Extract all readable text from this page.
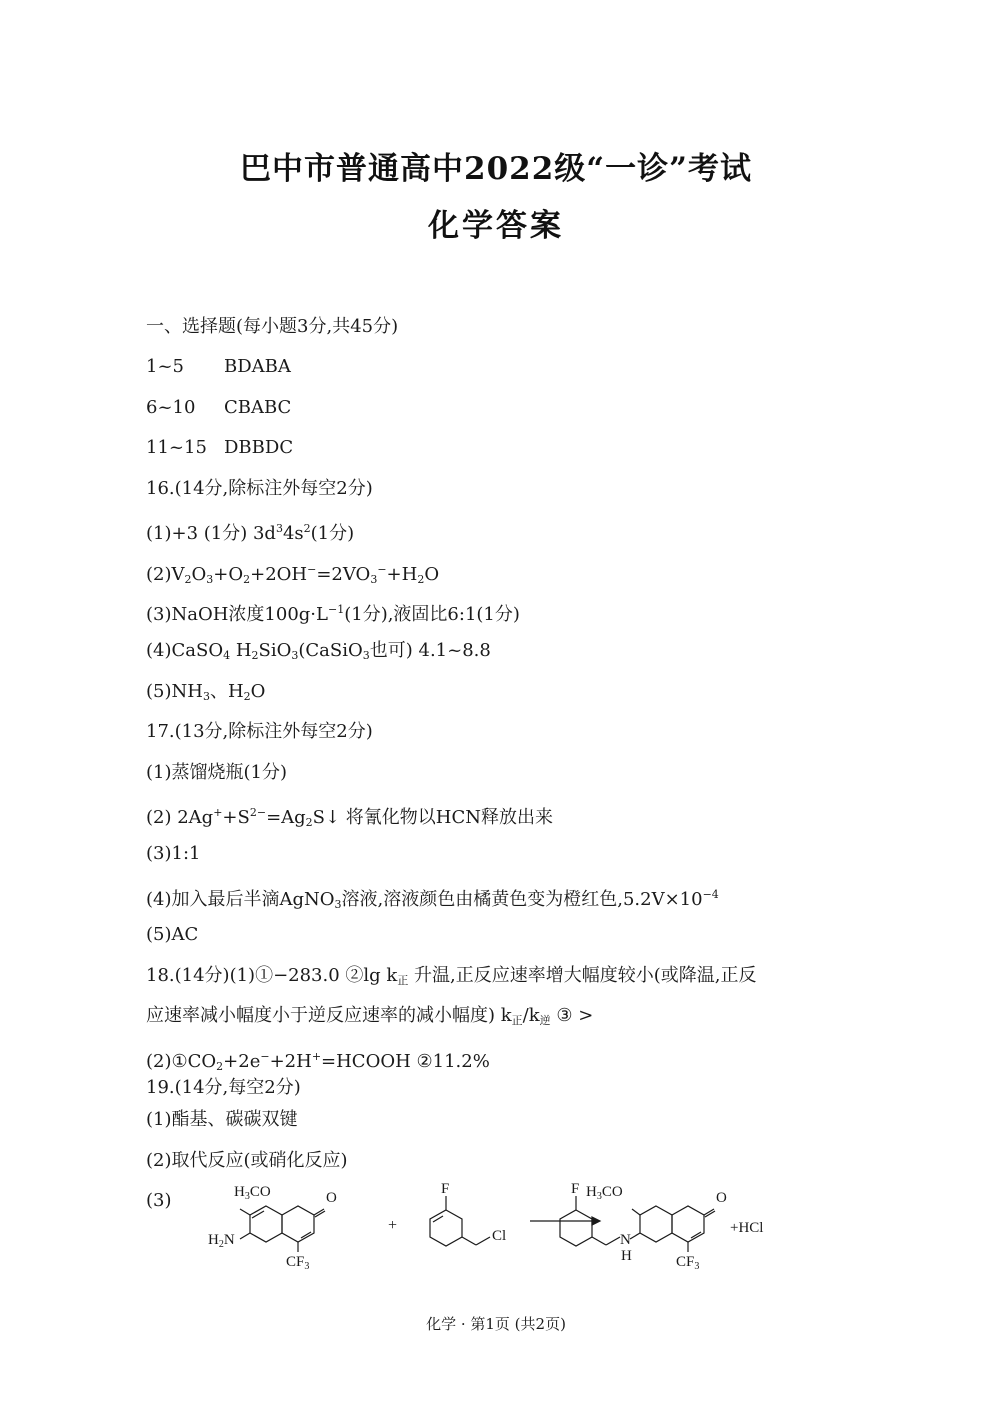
巴中市普通高中2022级“一诊”考试
化学答案
一、选择题(每小题3分,共45分)
1~5 BDABA
6~10 CBABC
11~15 DBBDC
16.(14分,除标注外每空2分)
(1)+3 (1分) $3d^34s^2(1$分)
$(2)V_2O_3+O_2+2OH^-=2VO_3^-+H_2O$
(3)NaOH浓度$100g\cdot L^{-1}(1$分),液固比6:1(1分)
(4)CaSO$_4$ $H_2SiO_3(CaSiO_3$也可) 4.1~8.8
$(5)NH_3$、$H_2O$
17.(13分,除标注外每空2分)
(1)蒸馏烧瓶(1分)
(2) $2Ag^++S^{2-}=Ag_2S↓$ 将氰化物以HCN释放出来
(3)1:1
(4)加入最后半滴AgNO$_3$溶液,溶液颜色由橘黄色变为橙红色$,5.2V\times 10^{-4}$
(5)AC
18.(14分)(1)①−283.0 ②lg $k_正$ 升温,正反应速率增大幅度较小(或降温,正反
应速率减小幅度小于逆反应速率的减小幅度) $k_正/k_逆$ ③ >
$(2)①CO_2+2e^-+2H^+=HCOOH$ ②11.2%
19.(14分,每空2分)
(1)酯基、碳碳双键
(2)取代反应(或硝化反应)
(3)	$H_3CO$	O
$H_2N$
$CF_3$
+
F
Cl
F $H_3CO$	O
N
H	$CF_3$
+HCl
化学 · 第1页 (共2页)
